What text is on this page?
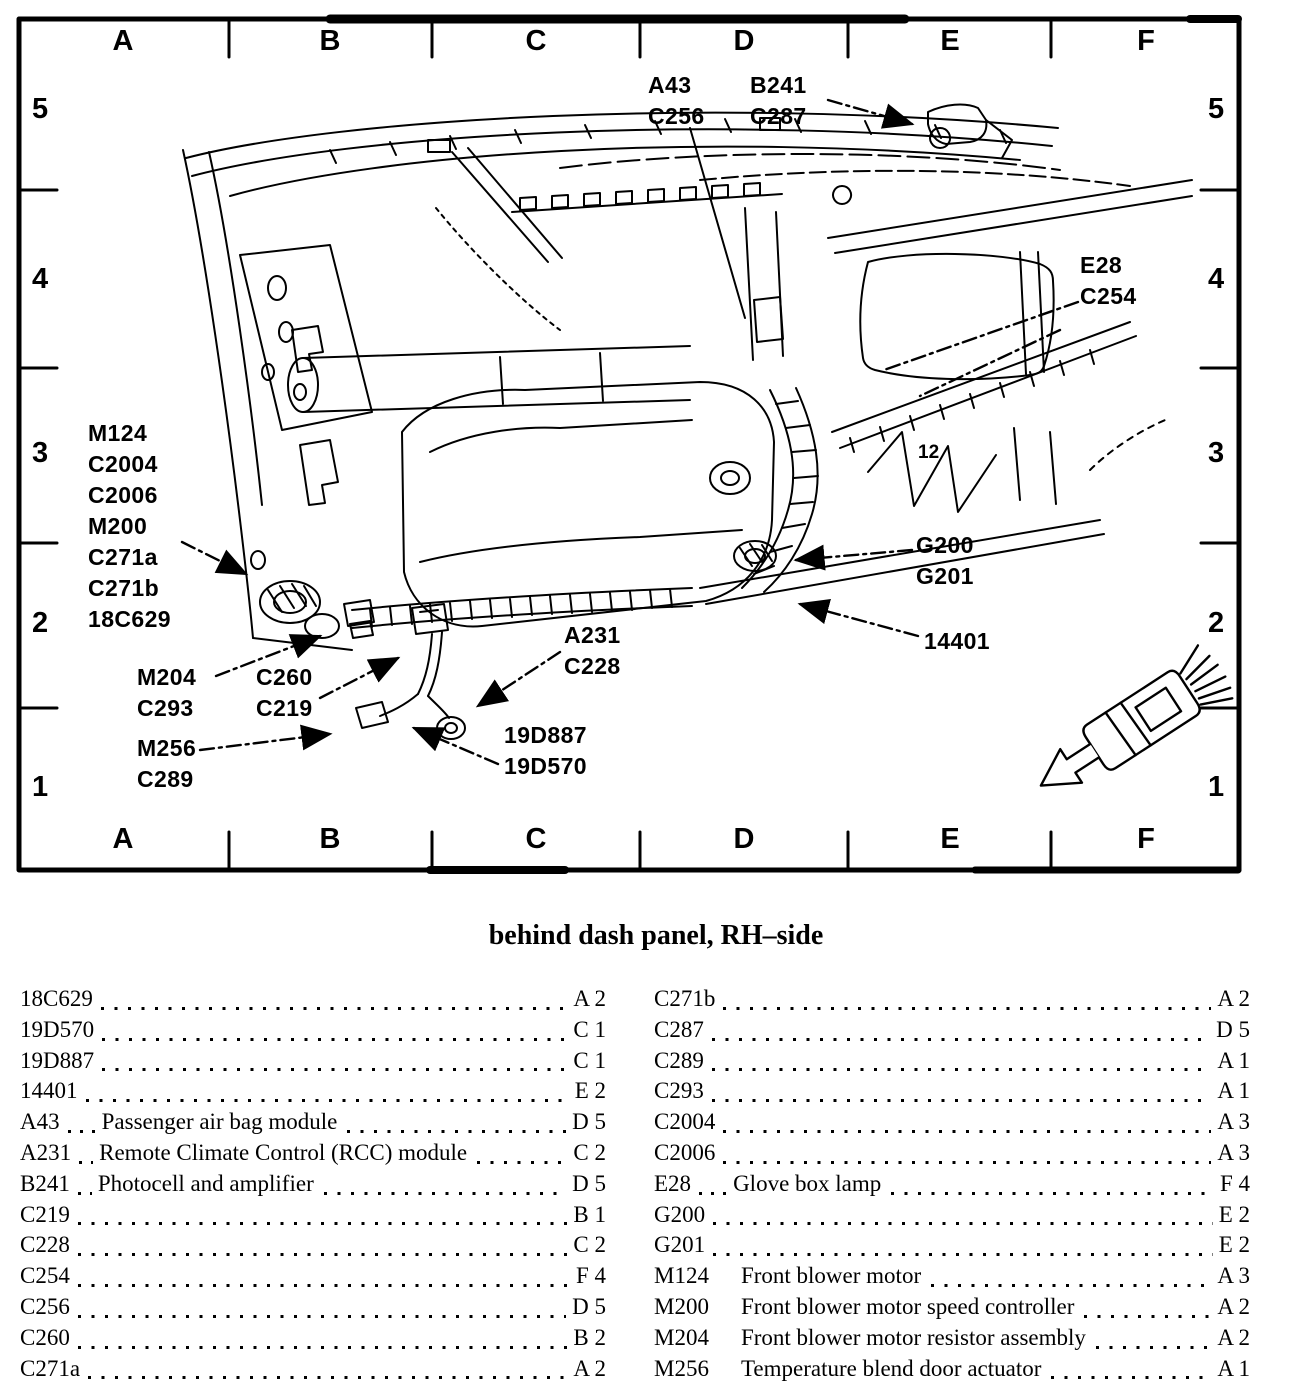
A	B	C	D	E	F
A	B	C	D	E	F
5
4
3
2
1
5
4
3
2
1
A43
C256
B241
C287
E28
C254
M124
C2004
C2006
M200
C271a
C271b
18C629
M204
C293
C260
C219
M256
C289
A231
C228
19D887
19D570
G200
G201
14401
12
behind dash panel, RH–side
18C629	A 2
19D570	C 1
19D887	C 1
14401	E 2
A43 Passenger air bag module	D 5
A231 Remote Climate Control (RCC) module	C 2
B241 Photocell and amplifier	D 5
C219	B 1
C228	C 2
C254	F 4
C256	D 5
C260	B 2
C271a	A 2
C271b	A 2
C287	D 5
C289	A 1
C293	A 1
C2004	A 3
C2006	A 3
E28 Glove box lamp	F 4
G200	E 2
G201	E 2
M124 Front blower motor	A 3
M200 Front blower motor speed controller	A 2
M204 Front blower motor resistor assembly	A 2
M256 Temperature blend door actuator	A 1
